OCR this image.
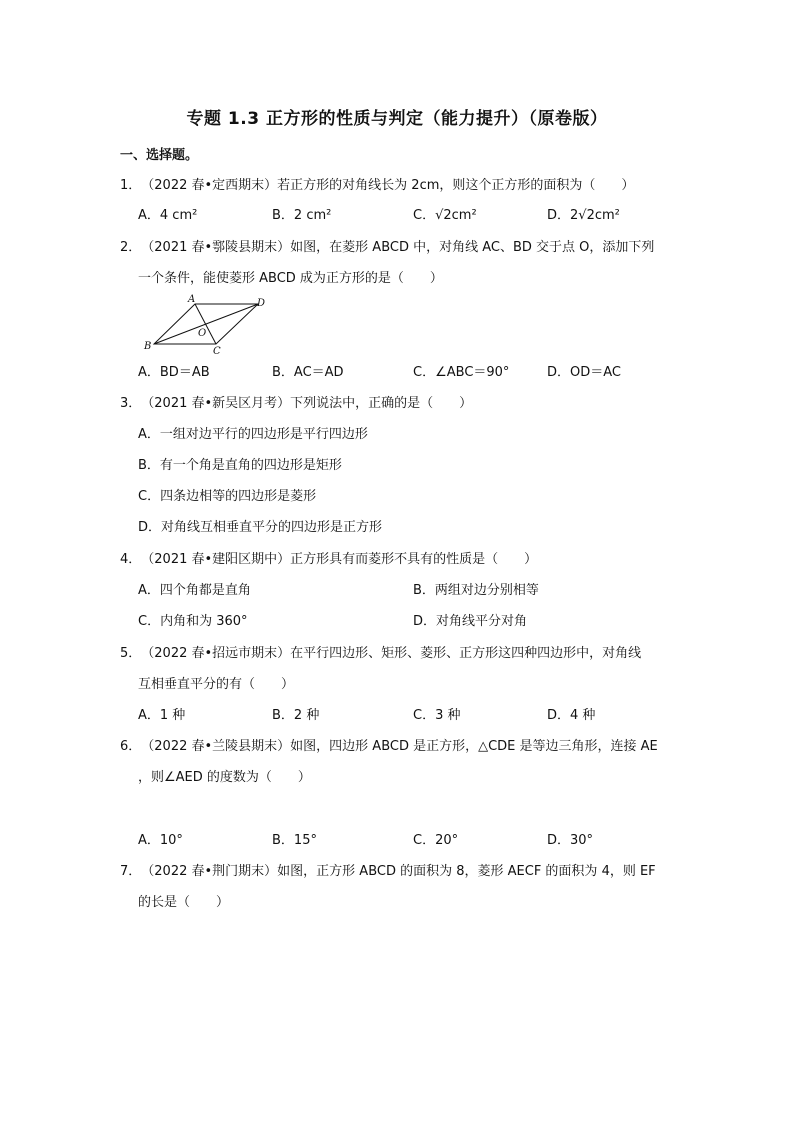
专题 1.3 正方形的性质与判定（能力提升）（原卷版）
一、选择题。
1．（2022 春•定西期末）若正方形的对角线长为 2cm，则这个正方形的面积为（　　）
A．4 cm²	B．2 cm²	C．√2cm²	D．2√2cm²
2．（2021 春•鄠陵县期末）如图，在菱形 ABCD 中，对角线 AC、BD 交于点 O，添加下列
一个条件，能使菱形 ABCD 成为正方形的是（　　）
A	D
O
B	C
A．BD＝AB	B．AC＝AD	C．∠ABC＝90°	D．OD＝AC
3．（2021 春•新吴区月考）下列说法中，正确的是（　　）
A．一组对边平行的四边形是平行四边形
B．有一个角是直角的四边形是矩形
C．四条边相等的四边形是菱形
D．对角线互相垂直平分的四边形是正方形
4．（2021 春•建阳区期中）正方形具有而菱形不具有的性质是（　　）
A．四个角都是直角	B．两组对边分别相等
C．内角和为 360°	D．对角线平分对角
5．（2022 春•招远市期末）在平行四边形、矩形、菱形、正方形这四种四边形中，对角线
互相垂直平分的有（　　）
A．1 种	B．2 种	C．3 种	D．4 种
6．（2022 春•兰陵县期末）如图，四边形 ABCD 是正方形，△CDE 是等边三角形，连接 AE
，则∠AED 的度数为（　　）
A．10°	B．15°	C．20°	D．30°
7．（2022 春•荆门期末）如图，正方形 ABCD 的面积为 8，菱形 AECF 的面积为 4，则 EF
的长是（　　）
